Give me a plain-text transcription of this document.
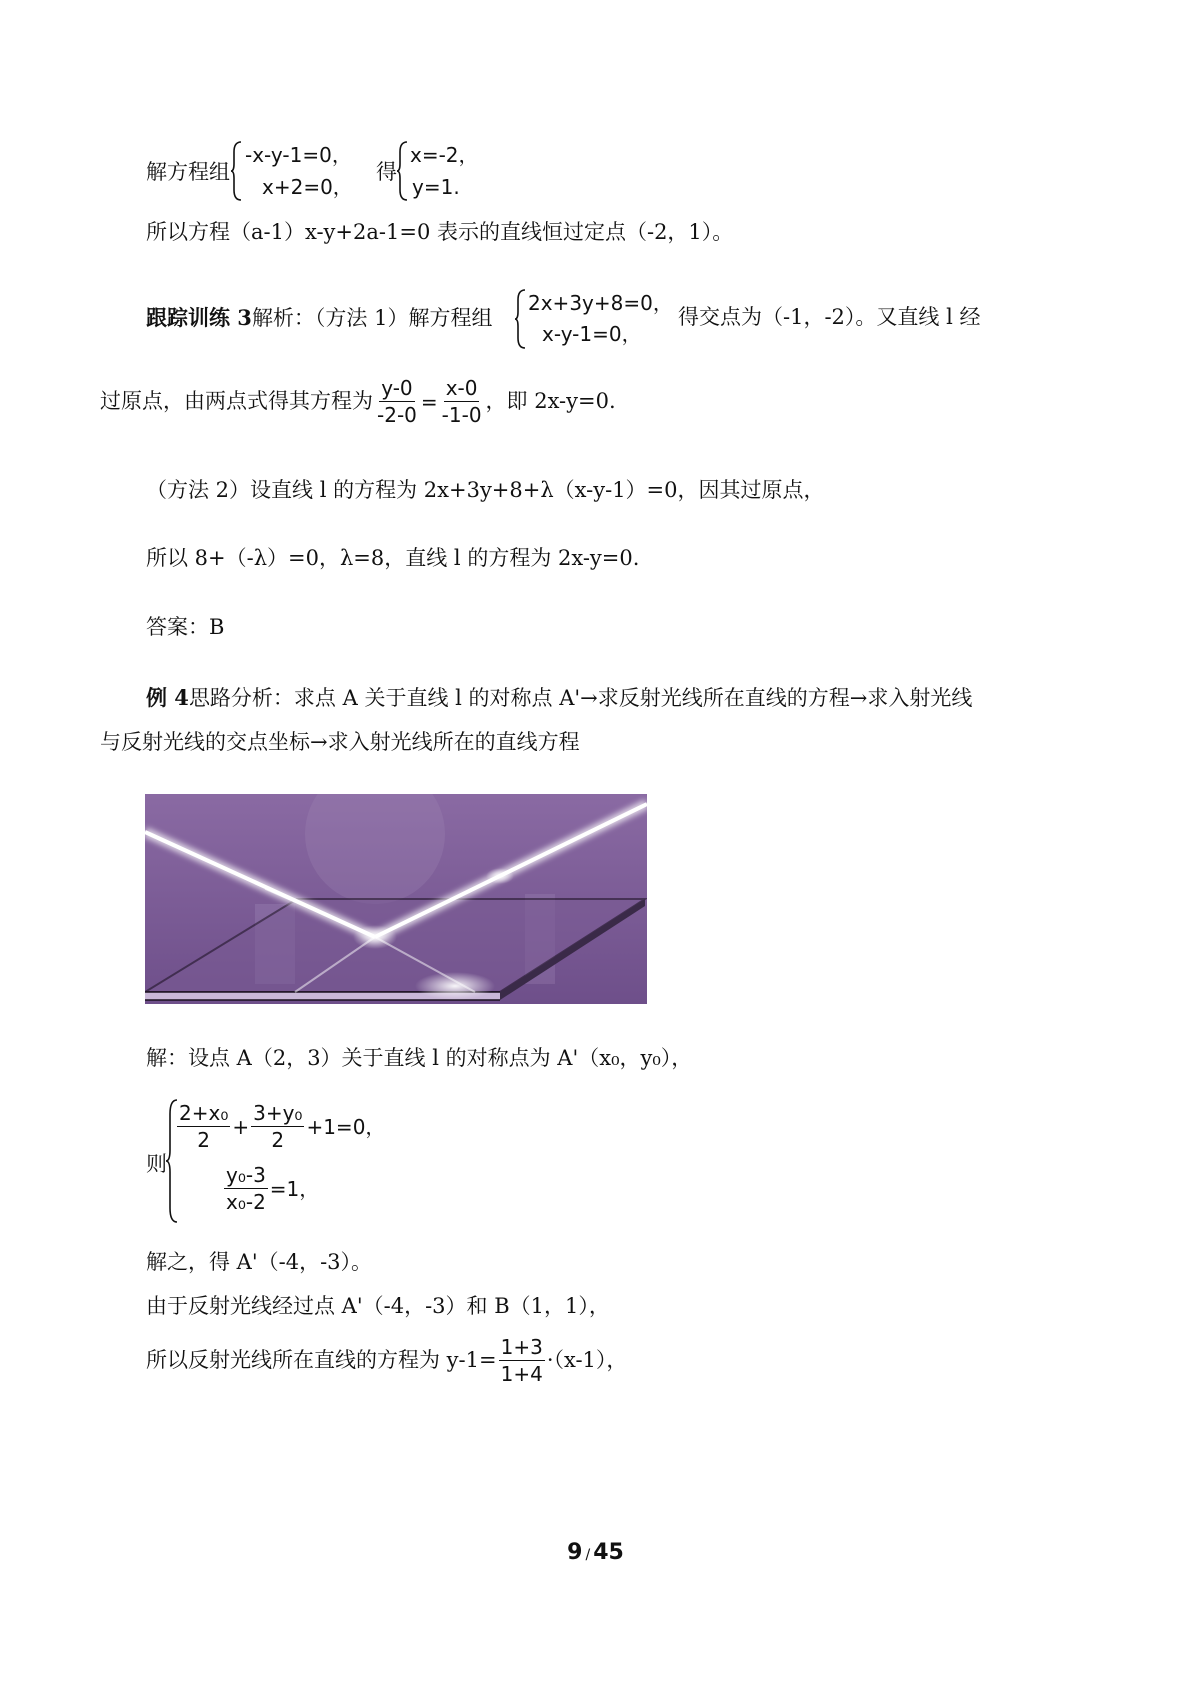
解方程组
-x-y-1=0，
x+2=0，
得
x=-2，
y=1.
所以方程（a-1）x-y+2a-1=0 表示的直线恒过定点（-2，1）。
跟踪训练 3解析：（方法 1）解方程组
2x+3y+8=0，
x-y-1=0，
得交点为（-1，-2）。又直线 l 经
过原点，由两点式得其方程为 $\frac{y-0}{-2-0} = \frac{x-0}{-1-0}$ ，即 2x-y=0.
（方法 2）设直线 l 的方程为 2x+3y+8+λ（x-y-1）=0，因其过原点，
所以 8+（-λ）=0，λ=8，直线 l 的方程为 2x-y=0.
答案：B
例 4思路分析：求点 A 关于直线 l 的对称点 A'→求反射光线所在直线的方程→求入射光线
与反射光线的交点坐标→求入射光线所在的直线方程
解：设点 A（2，3）关于直线 l 的对称点为 A'（x₀，y₀），
则
$\frac{\text{2+x₀}}{2} + \frac{\text{3+y₀}}{2} +1=0$，
$\frac{\text{y₀-3}}{\text{x₀-2}} =1$，
解之，得 A'（-4，-3）。
由于反射光线经过点 A'（-4，-3）和 B（1，1），
所以反射光线所在直线的方程为 $y-1= \frac{1+3}{1+4} \cdot(x-1)$，
9 / 45
